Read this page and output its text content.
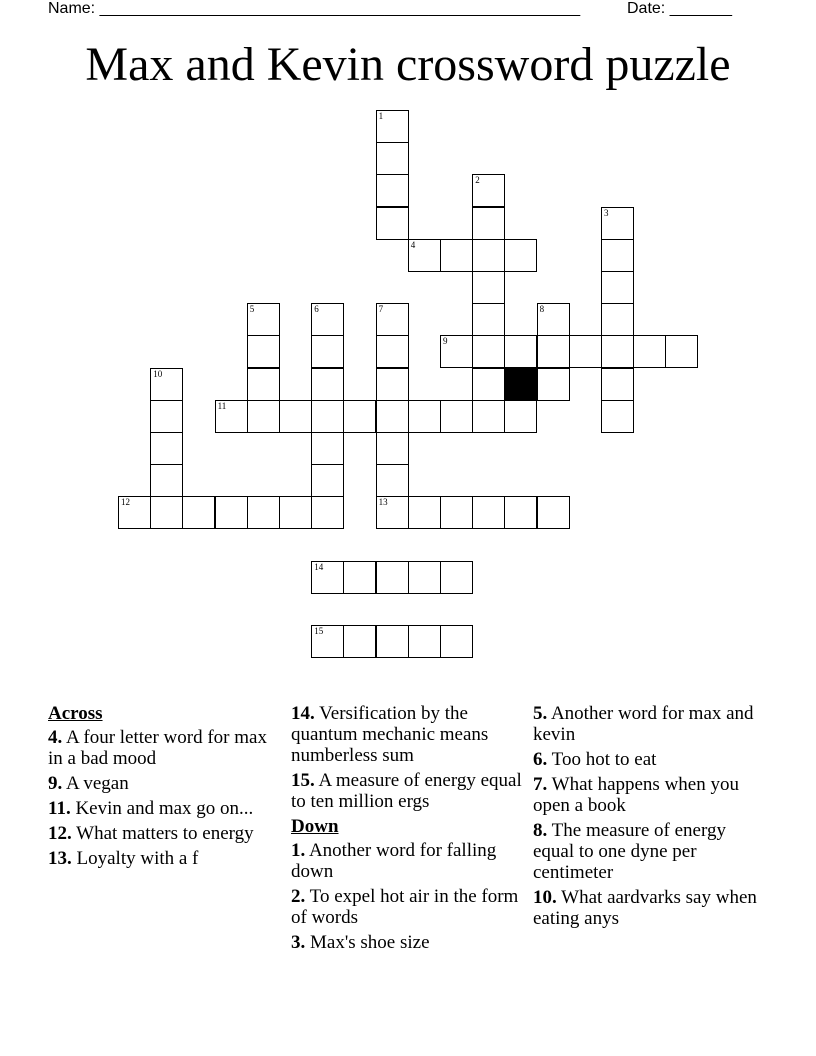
Name: ______________________________________________________	Date: _______
Max and Kevin crossword puzzle
1
2
3
4
5	6	7
13
8
9
10
11
12
14
15
Across
4. A four letter word for max in a bad mood
9. A vegan
11. Kevin and max go on...
12. What matters to energy
13. Loyalty with a f
14. Versification by the quantum mechanic means numberless sum
15. A measure of energy equal to ten million ergs
Down
1. Another word for falling down
2. To expel hot air in the form of words
3. Max's shoe size
5. Another word for max and kevin
6. Too hot to eat
7. What happens when you open a book
8. The measure of energy equal to one dyne per centimeter
10. What aardvarks say when eating anys
